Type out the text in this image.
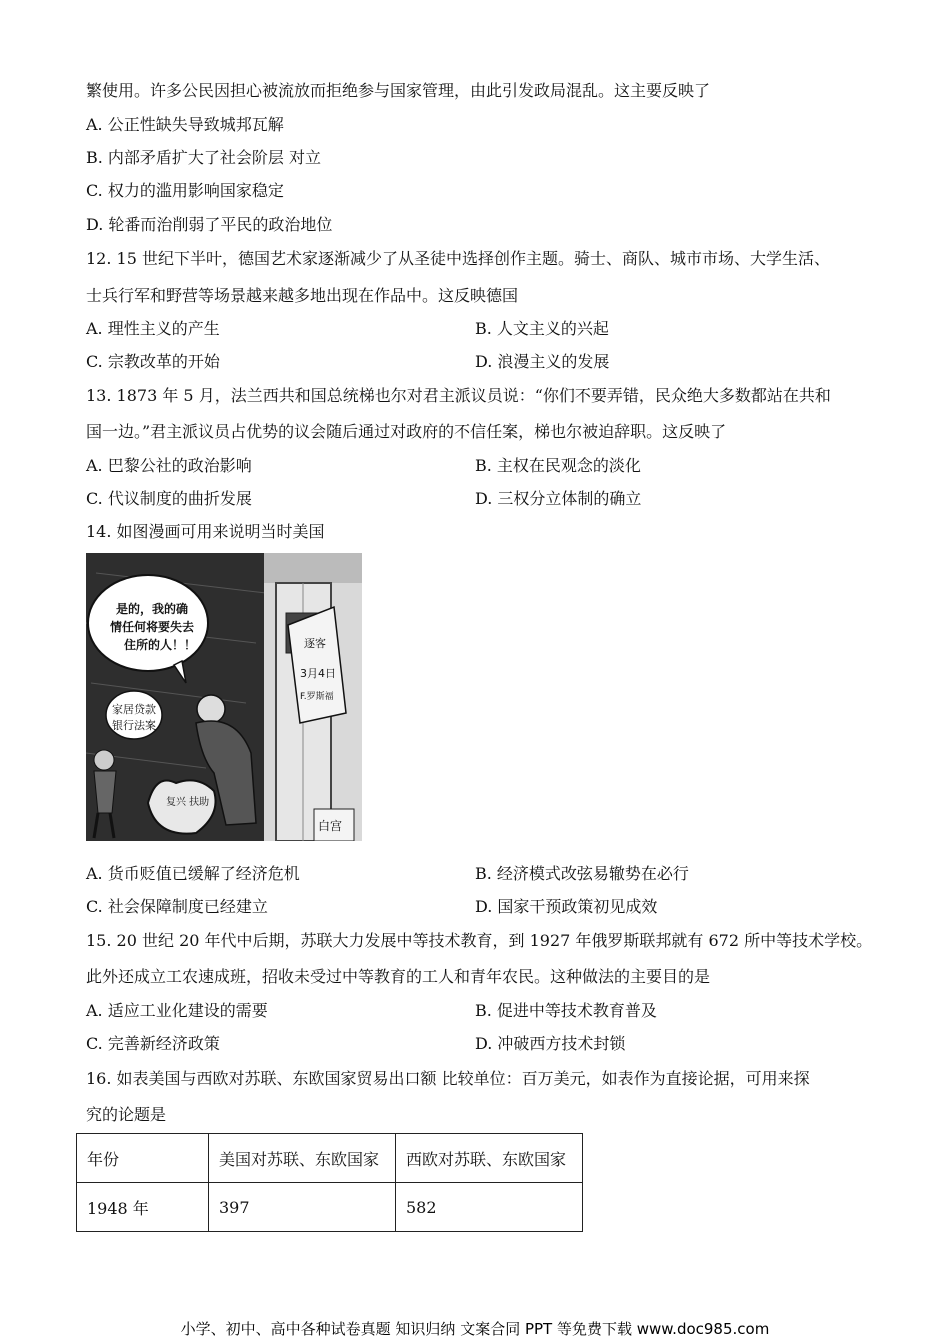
繁使用。许多公民因担心被流放而拒绝参与国家管理，由此引发政局混乱。这主要反映了
A. 公正性缺失导致城邦瓦解
B. 内部矛盾扩大了社会阶层 对立
C. 权力的滥用影响国家稳定
D. 轮番而治削弱了平民的政治地位
12. 15 世纪下半叶，德国艺术家逐渐减少了从圣徒中选择创作主题。骑士、商队、城市市场、大学生活、
士兵行军和野营等场景越来越多地出现在作品中。这反映德国
A. 理性主义的产生	B. 人文主义的兴起
C. 宗教改革的开始	D. 浪漫主义的发展
13. 1873 年 5 月，法兰西共和国总统梯也尔对君主派议员说：“你们不要弄错，民众绝大多数都站在共和
国一边。”君主派议员占优势的议会随后通过对政府的不信任案，梯也尔被迫辞职。这反映了
A. 巴黎公社的政治影响	B. 主权在民观念的淡化
C. 代议制度的曲折发展	D. 三权分立体制的确立
14. 如图漫画可用来说明当时美国
是的，我的确 情任何将要失去 住所的人！！	逐客 3月4日 F.罗斯福
家居贷款 银行法案
复兴 扶助
白宫
A. 货币贬值已缓解了经济危机	B. 经济模式改弦易辙势在必行
C. 社会保障制度已经建立	D. 国家干预政策初见成效
15. 20 世纪 20 年代中后期，苏联大力发展中等技术教育，到 1927 年俄罗斯联邦就有 672 所中等技术学校。
此外还成立工农速成班，招收未受过中等教育的工人和青年农民。这种做法的主要目的是
A. 适应工业化建设的需要	B. 促进中等技术教育普及
C. 完善新经济政策	D. 冲破西方技术封锁
16. 如表美国与西欧对苏联、东欧国家贸易出口额 比较单位：百万美元，如表作为直接论据，可用来探
究的论题是
年份	美国对苏联、东欧国家	西欧对苏联、东欧国家
1948 年	397	582
小学、初中、高中各种试卷真题 知识归纳 文案合同 PPT 等免费下载 www.doc985.com
